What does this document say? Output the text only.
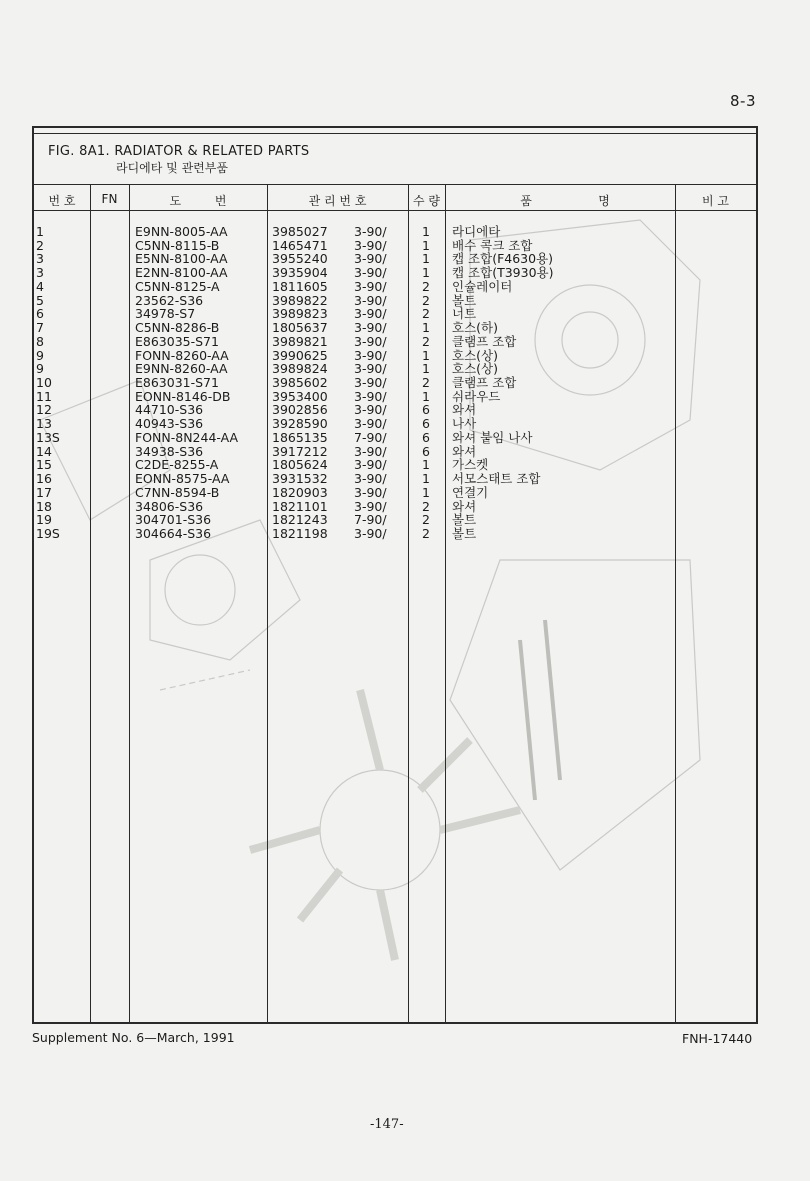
8-3
FIG. 8A1. RADIATOR & RELATED PARTS
라디에타 및 관련부품
번 호	FN	도 번	관 리 번 호	수 량	품	명	비 고
1	E9NN-8005-AA	3985027 3-90/	1 라디에타
2	C5NN-8115-B	1465471 3-90/	1 배수 콕크 조합
3	E5NN-8100-AA	3955240 3-90/	1 캡 조합(F4630용)
3	E2NN-8100-AA	3935904 3-90/	1 캡 조합(T3930용)
4	C5NN-8125-A	1811605 3-90/	2 인슐레이터
5	23562-S36	3989822 3-90/	2 볼트
6	34978-S7	3989823 3-90/	2 너트
7	C5NN-8286-B	1805637 3-90/	1 호스(하)
8	E863035-S71	3989821 3-90/	2 클램프 조합
9	FONN-8260-AA	3990625 3-90/	1 호스(상)
9	E9NN-8260-AA	3989824 3-90/	1 호스(상)
10	E863031-S71	3985602 3-90/	2 클램프 조합
11	EONN-8146-DB	3953400 3-90/	1 쉬라우드
12	44710-S36	3902856 3-90/	6 와셔
13	40943-S36	3928590 3-90/	6 나사
13S	FONN-8N244-AA	1865135 7-90/	6 와셔 붙임 나사
14	34938-S36	3917212 3-90/	6 와셔
15	C2DE-8255-A	1805624 3-90/	1 가스켓
16	EONN-8575-AA	3931532 3-90/	1 서모스태트 조합
17	C7NN-8594-B	1820903 3-90/	1 연결기
18	34806-S36	1821101 3-90/	2 와셔
19	304701-S36	1821243 7-90/	2 볼트
19S	304664-S36	1821198 3-90/	2 볼트
Supplement No. 6—March, 1991	FNH-17440
-147-
